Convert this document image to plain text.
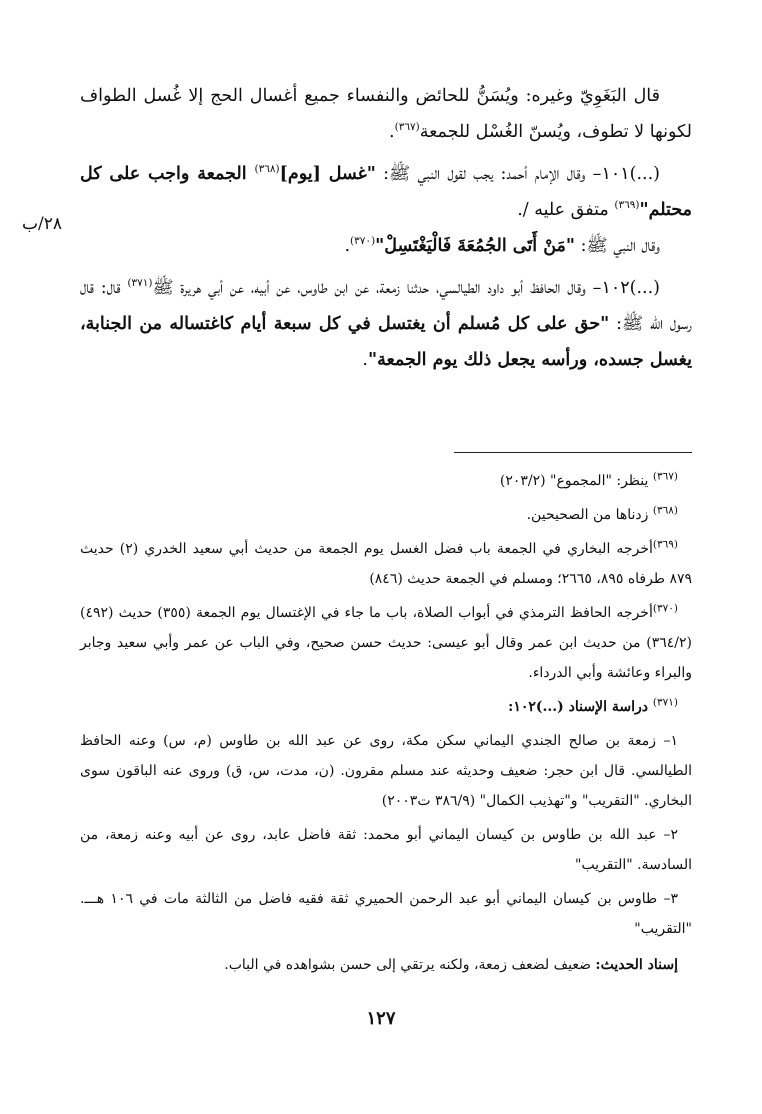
٢٨/ب

قال البَغَوِيّ وغيره: ويُسَنُّ للحائض والنفساء جميع أغسال الحج إلا غُسل الطواف لكونها لا تطوف، ويُسنّ الغُسْل للجمعة$^{(٣٦٧)}$.

(...)١٠١– وقال الإمام أحمد: يجب لقول النبي ﷺ: "غسل [يوم]$^{(٣٦٨)}$ الجمعة واجب على كل محتلم"$^{(٣٦٩)}$ متفق عليه /.

وقال النبي ﷺ: "مَنْ أَتَى الجُمُعَةَ فَالْيَغْتَسِلْ"$^{(٣٧٠)}$.

(...)١٠٢– وقال الحافظ أبو داود الطيالسي، حدثنا زمعة، عن ابن طاوس، عن أبيه، عن أبي هريرة ﷺ$^{(٣٧١)}$ قال: قال رسول الله ﷺ: "حق على كل مُسلم أن يغتسل في كل سبعة أيام كاغتساله من الجنابة، يغسل جسده، ورأسه يجعل ذلك يوم الجمعة".

$^{(٣٦٧)}$ ينظر: "المجموع" (٢٠٣/٢)

$^{(٣٦٨)}$ زدناها من الصحيحين.

$^{(٣٦٩)}$أخرجه البخاري في الجمعة باب فضل الغسل يوم الجمعة من حديث أبي سعيد الخدري (٢) حديث ٨٧٩ طرفاه ٨٩٥، ٢٦٦٥؛ ومسلم في الجمعة حديث (٨٤٦)

$^{(٣٧٠)}$أخرجه الحافظ الترمذي في أبواب الصلاة، باب ما جاء في الإغتسال يوم الجمعة (٣٥٥) حديث (٤٩٢) (٣٦٤/٢) من حديث ابن عمر وقال أبو عيسى: حديث حسن صحيح، وفي الباب عن عمر وأبي سعيد وجابر والبراء وعائشة وأبي الدرداء.

$^{(٣٧١)}$ دراسة الإسناد (...)١٠٢:

١– زمعة بن صالح الجندي اليماني سكن مكة، روى عن عبد الله بن طاوس (م، س) وعنه الحافظ الطيالسي. قال ابن حجر: ضعيف وحديثه عند مسلم مقرون. (ن، مدت، س، ق) وروى عنه الباقون سوى البخاري. "التقريب" و"تهذيب الكمال" (٣٨٦/٩ ت٢٠٠٣)

٢– عبد الله بن طاوس بن كيسان اليماني أبو محمد: ثقة فاضل عابد، روى عن أبيه وعنه زمعة، من السادسة. "التقريب"

٣– طاوس بن كيسان اليماني أبو عبد الرحمن الحميري ثقة فقيه فاضل من الثالثة مات في ١٠٦ هـــ. "التقريب"

إسناد الحديث: ضعيف لضعف زمعة، ولكنه يرتقي إلى حسن بشواهده في الباب.

١٢٧
